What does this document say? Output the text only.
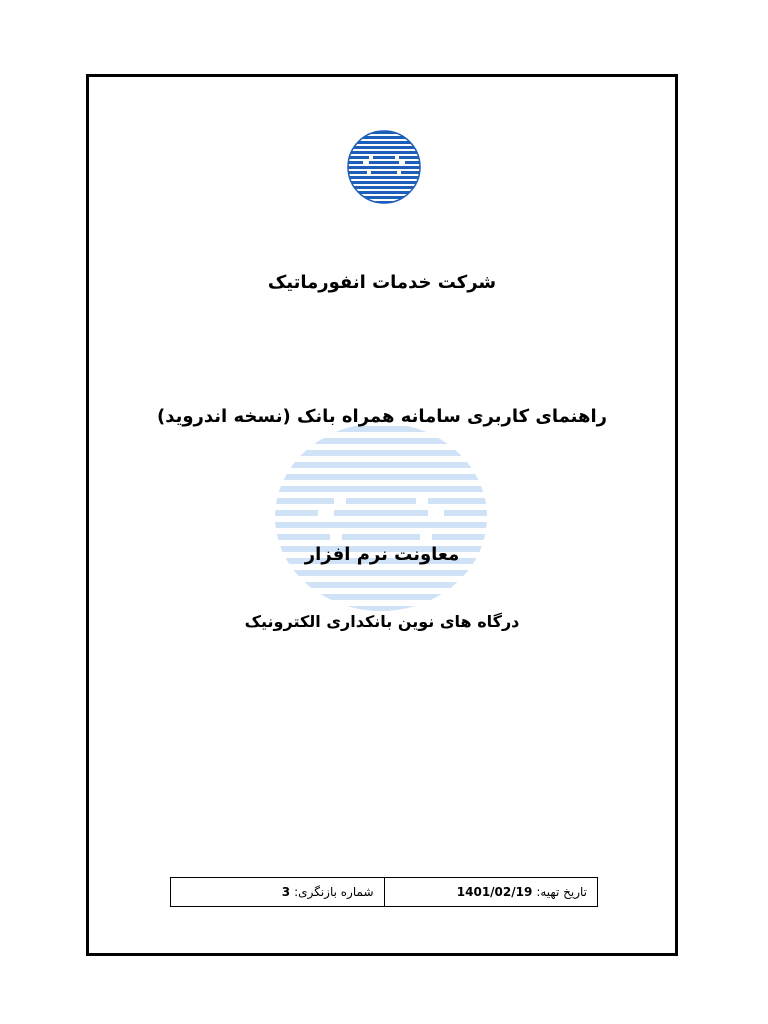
شرکت خدمات انفورماتیک
راهنمای کاربری سامانه همراه بانک (نسخه اندروید)
معاونت نرم افزار
درگاه های نوین بانکداری الکترونیک
تاریخ تهیه:
1401/02/19
شماره بازنگری:
3
